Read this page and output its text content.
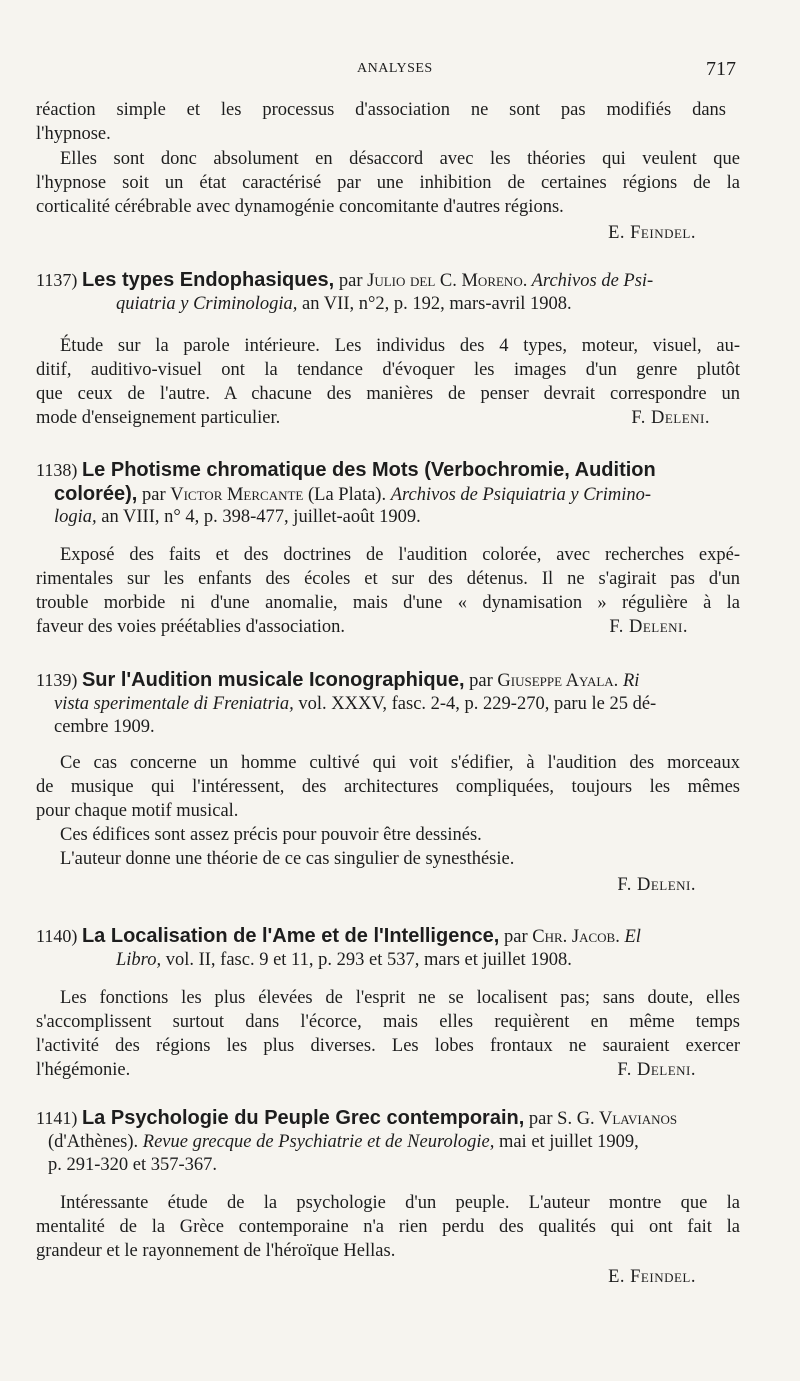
ANALYSES	717
réaction simple et les processus d'association ne sont pas modifiés dans
l'hypnose.
Elles sont donc absolument en désaccord avec les théories qui veulent que
l'hypnose soit un état caractérisé par une inhibition de certaines régions de la
corticalité cérébrable avec dynamogénie concomitante d'autres régions.
E. Feindel.
1137) Les types Endophasiques, par Julio del C. Moreno. Archivos de Psi-
quiatria y Criminologia, an VII, n°2, p. 192, mars-avril 1908.
Étude sur la parole intérieure. Les individus des 4 types, moteur, visuel, au-
ditif, auditivo-visuel ont la tendance d'évoquer les images d'un genre plutôt
que ceux de l'autre. A chacune des manières de penser devrait correspondre un
mode d'enseignement particulier.	F. Deleni.
1138) Le Photisme chromatique des Mots (Verbochromie, Audition
colorée), par Victor Mercante (La Plata). Archivos de Psiquiatria y Crimino-
logia, an VIII, n° 4, p. 398-477, juillet-août 1909.
Exposé des faits et des doctrines de l'audition colorée, avec recherches expé-
rimentales sur les enfants des écoles et sur des détenus. Il ne s'agirait pas d'un
trouble morbide ni d'une anomalie, mais d'une « dynamisation » régulière à la
faveur des voies préétablies d'association.	F. Deleni.
1139) Sur l'Audition musicale Iconographique, par Giuseppe Ayala. Ri
vista sperimentale di Freniatria, vol. XXXV, fasc. 2-4, p. 229-270, paru le 25 dé-
cembre 1909.
Ce cas concerne un homme cultivé qui voit s'édifier, à l'audition des morceaux
de musique qui l'intéressent, des architectures compliquées, toujours les mêmes
pour chaque motif musical.
Ces édifices sont assez précis pour pouvoir être dessinés.
L'auteur donne une théorie de ce cas singulier de synesthésie.
F. Deleni.
1140) La Localisation de l'Ame et de l'Intelligence, par Chr. Jacob. El
Libro, vol. II, fasc. 9 et 11, p. 293 et 537, mars et juillet 1908.
Les fonctions les plus élevées de l'esprit ne se localisent pas; sans doute, elles
s'accomplissent surtout dans l'écorce, mais elles requièrent en même temps
l'activité des régions les plus diverses. Les lobes frontaux ne sauraient exercer
l'hégémonie.	F. Deleni.
1141) La Psychologie du Peuple Grec contemporain, par S. G. Vlavianos
(d'Athènes). Revue grecque de Psychiatrie et de Neurologie, mai et juillet 1909,
p. 291-320 et 357-367.
Intéressante étude de la psychologie d'un peuple. L'auteur montre que la
mentalité de la Grèce contemporaine n'a rien perdu des qualités qui ont fait la
grandeur et le rayonnement de l'héroïque Hellas.
E. Feindel.
